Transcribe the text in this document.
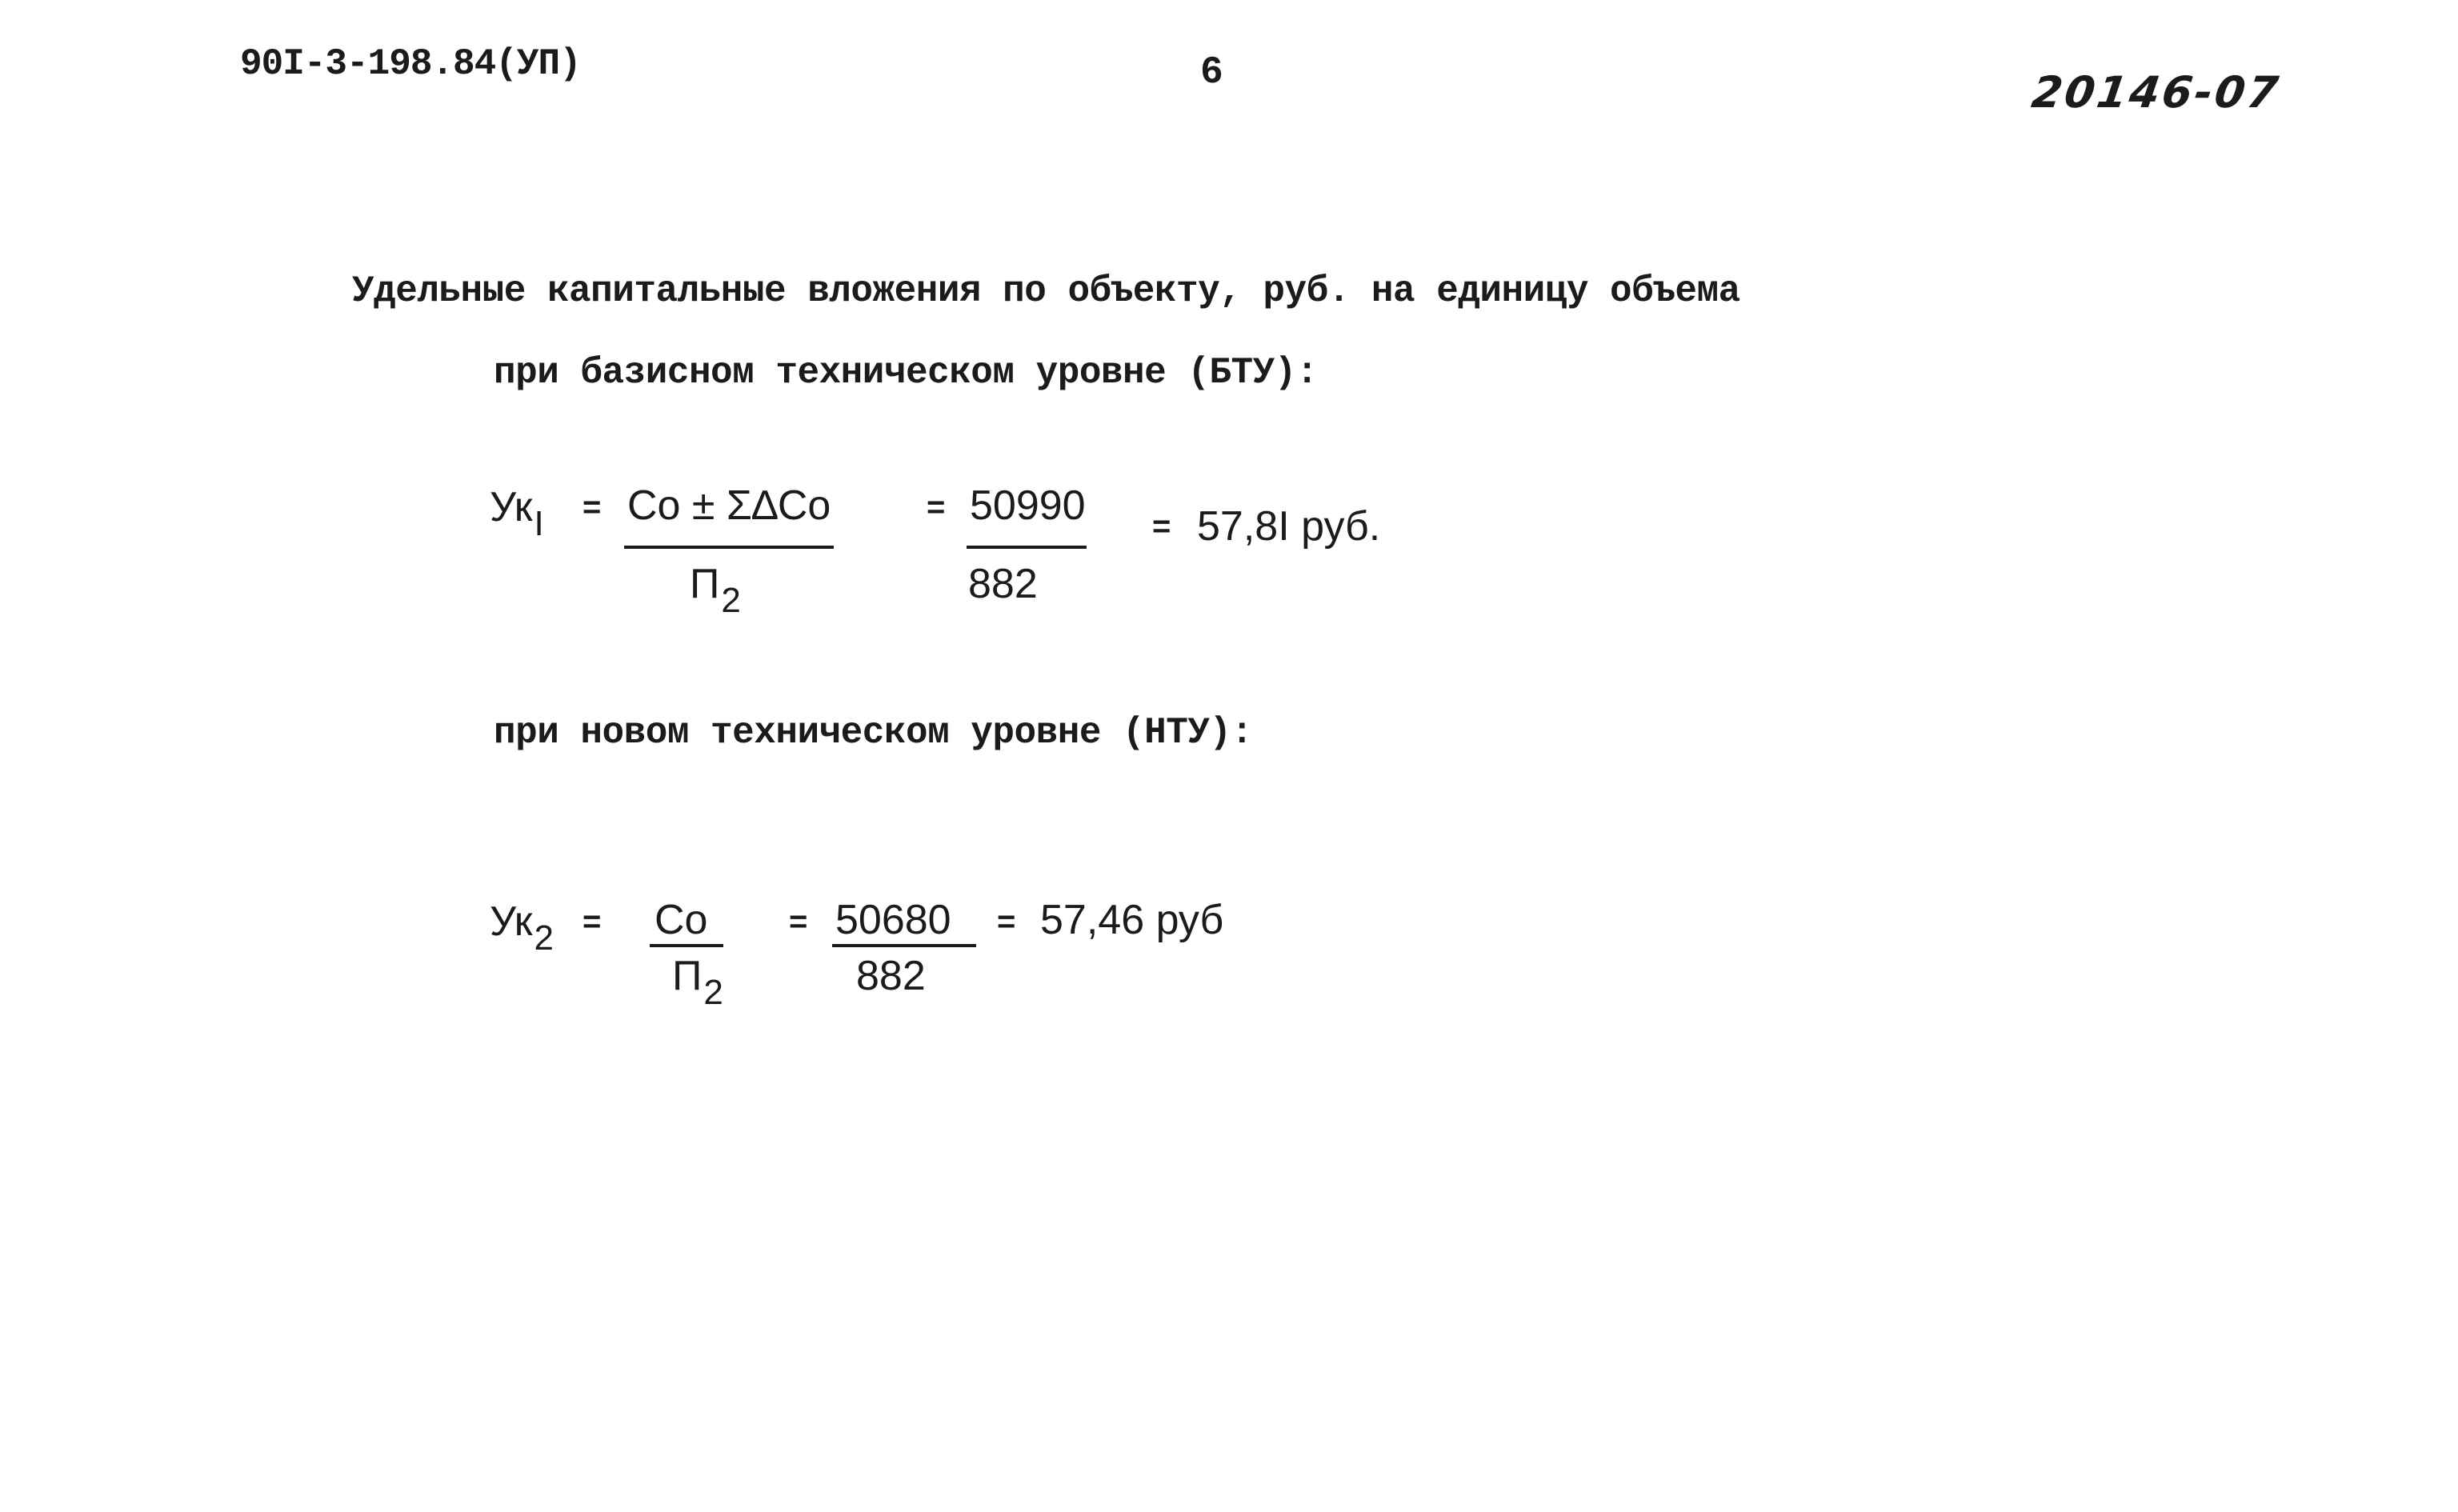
90I-3-198.84(УП)	6	20146-07
Удельные капитальные вложения по объекту, руб. на единицу объема
при базисном техническом уровне (БТУ):
$Ук_I$ = Со ± Σ∆Со
$П_2$
= 50990
882
= 57,8I руб.
при новом техническом уровне (НТУ):
$Ук_2$ = Со
$П_2$
= 50680
882
= 57,46 руб
